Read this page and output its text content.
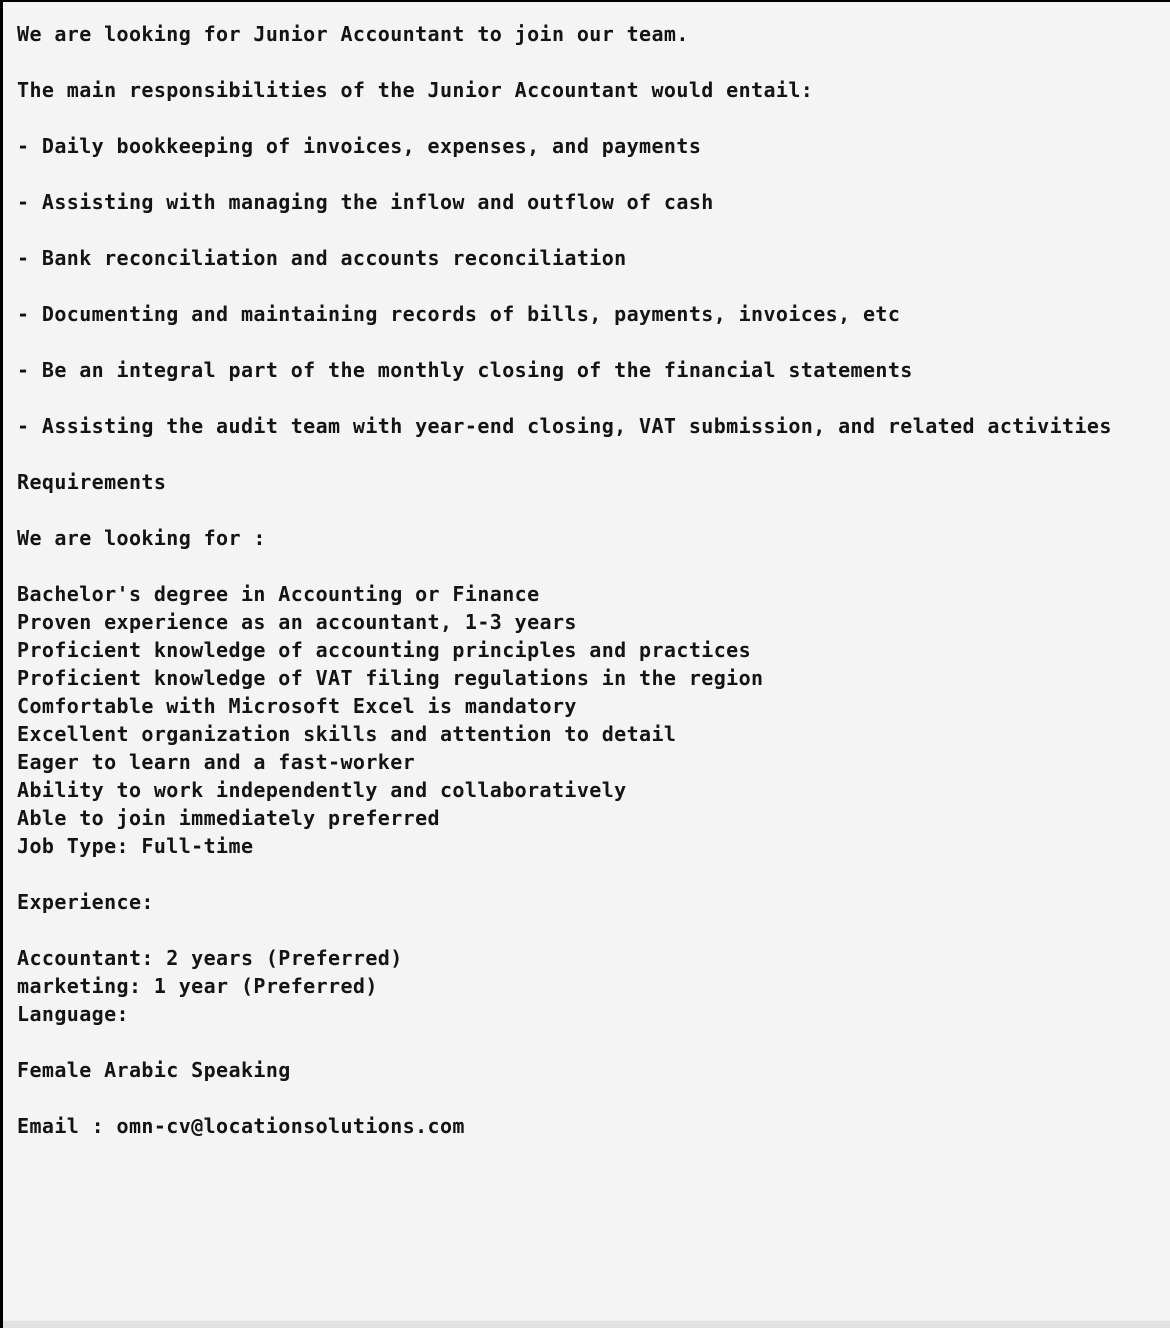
We are looking for Junior Accountant to join our team.
The main responsibilities of the Junior Accountant would entail:
- Daily bookkeeping of invoices, expenses, and payments
- Assisting with managing the inflow and outflow of cash
- Bank reconciliation and accounts reconciliation
- Documenting and maintaining records of bills, payments, invoices, etc
- Be an integral part of the monthly closing of the financial statements
- Assisting the audit team with year-end closing, VAT submission, and related activities
Requirements
We are looking for :
Bachelor's degree in Accounting or Finance
Proven experience as an accountant, 1-3 years
Proficient knowledge of accounting principles and practices
Proficient knowledge of VAT filing regulations in the region
Comfortable with Microsoft Excel is mandatory
Excellent organization skills and attention to detail
Eager to learn and a fast-worker
Ability to work independently and collaboratively
Able to join immediately preferred
Job Type: Full-time
Experience:
Accountant: 2 years (Preferred)
marketing: 1 year (Preferred)
Language:
Female Arabic Speaking
Email : omn-cv@locationsolutions.com
